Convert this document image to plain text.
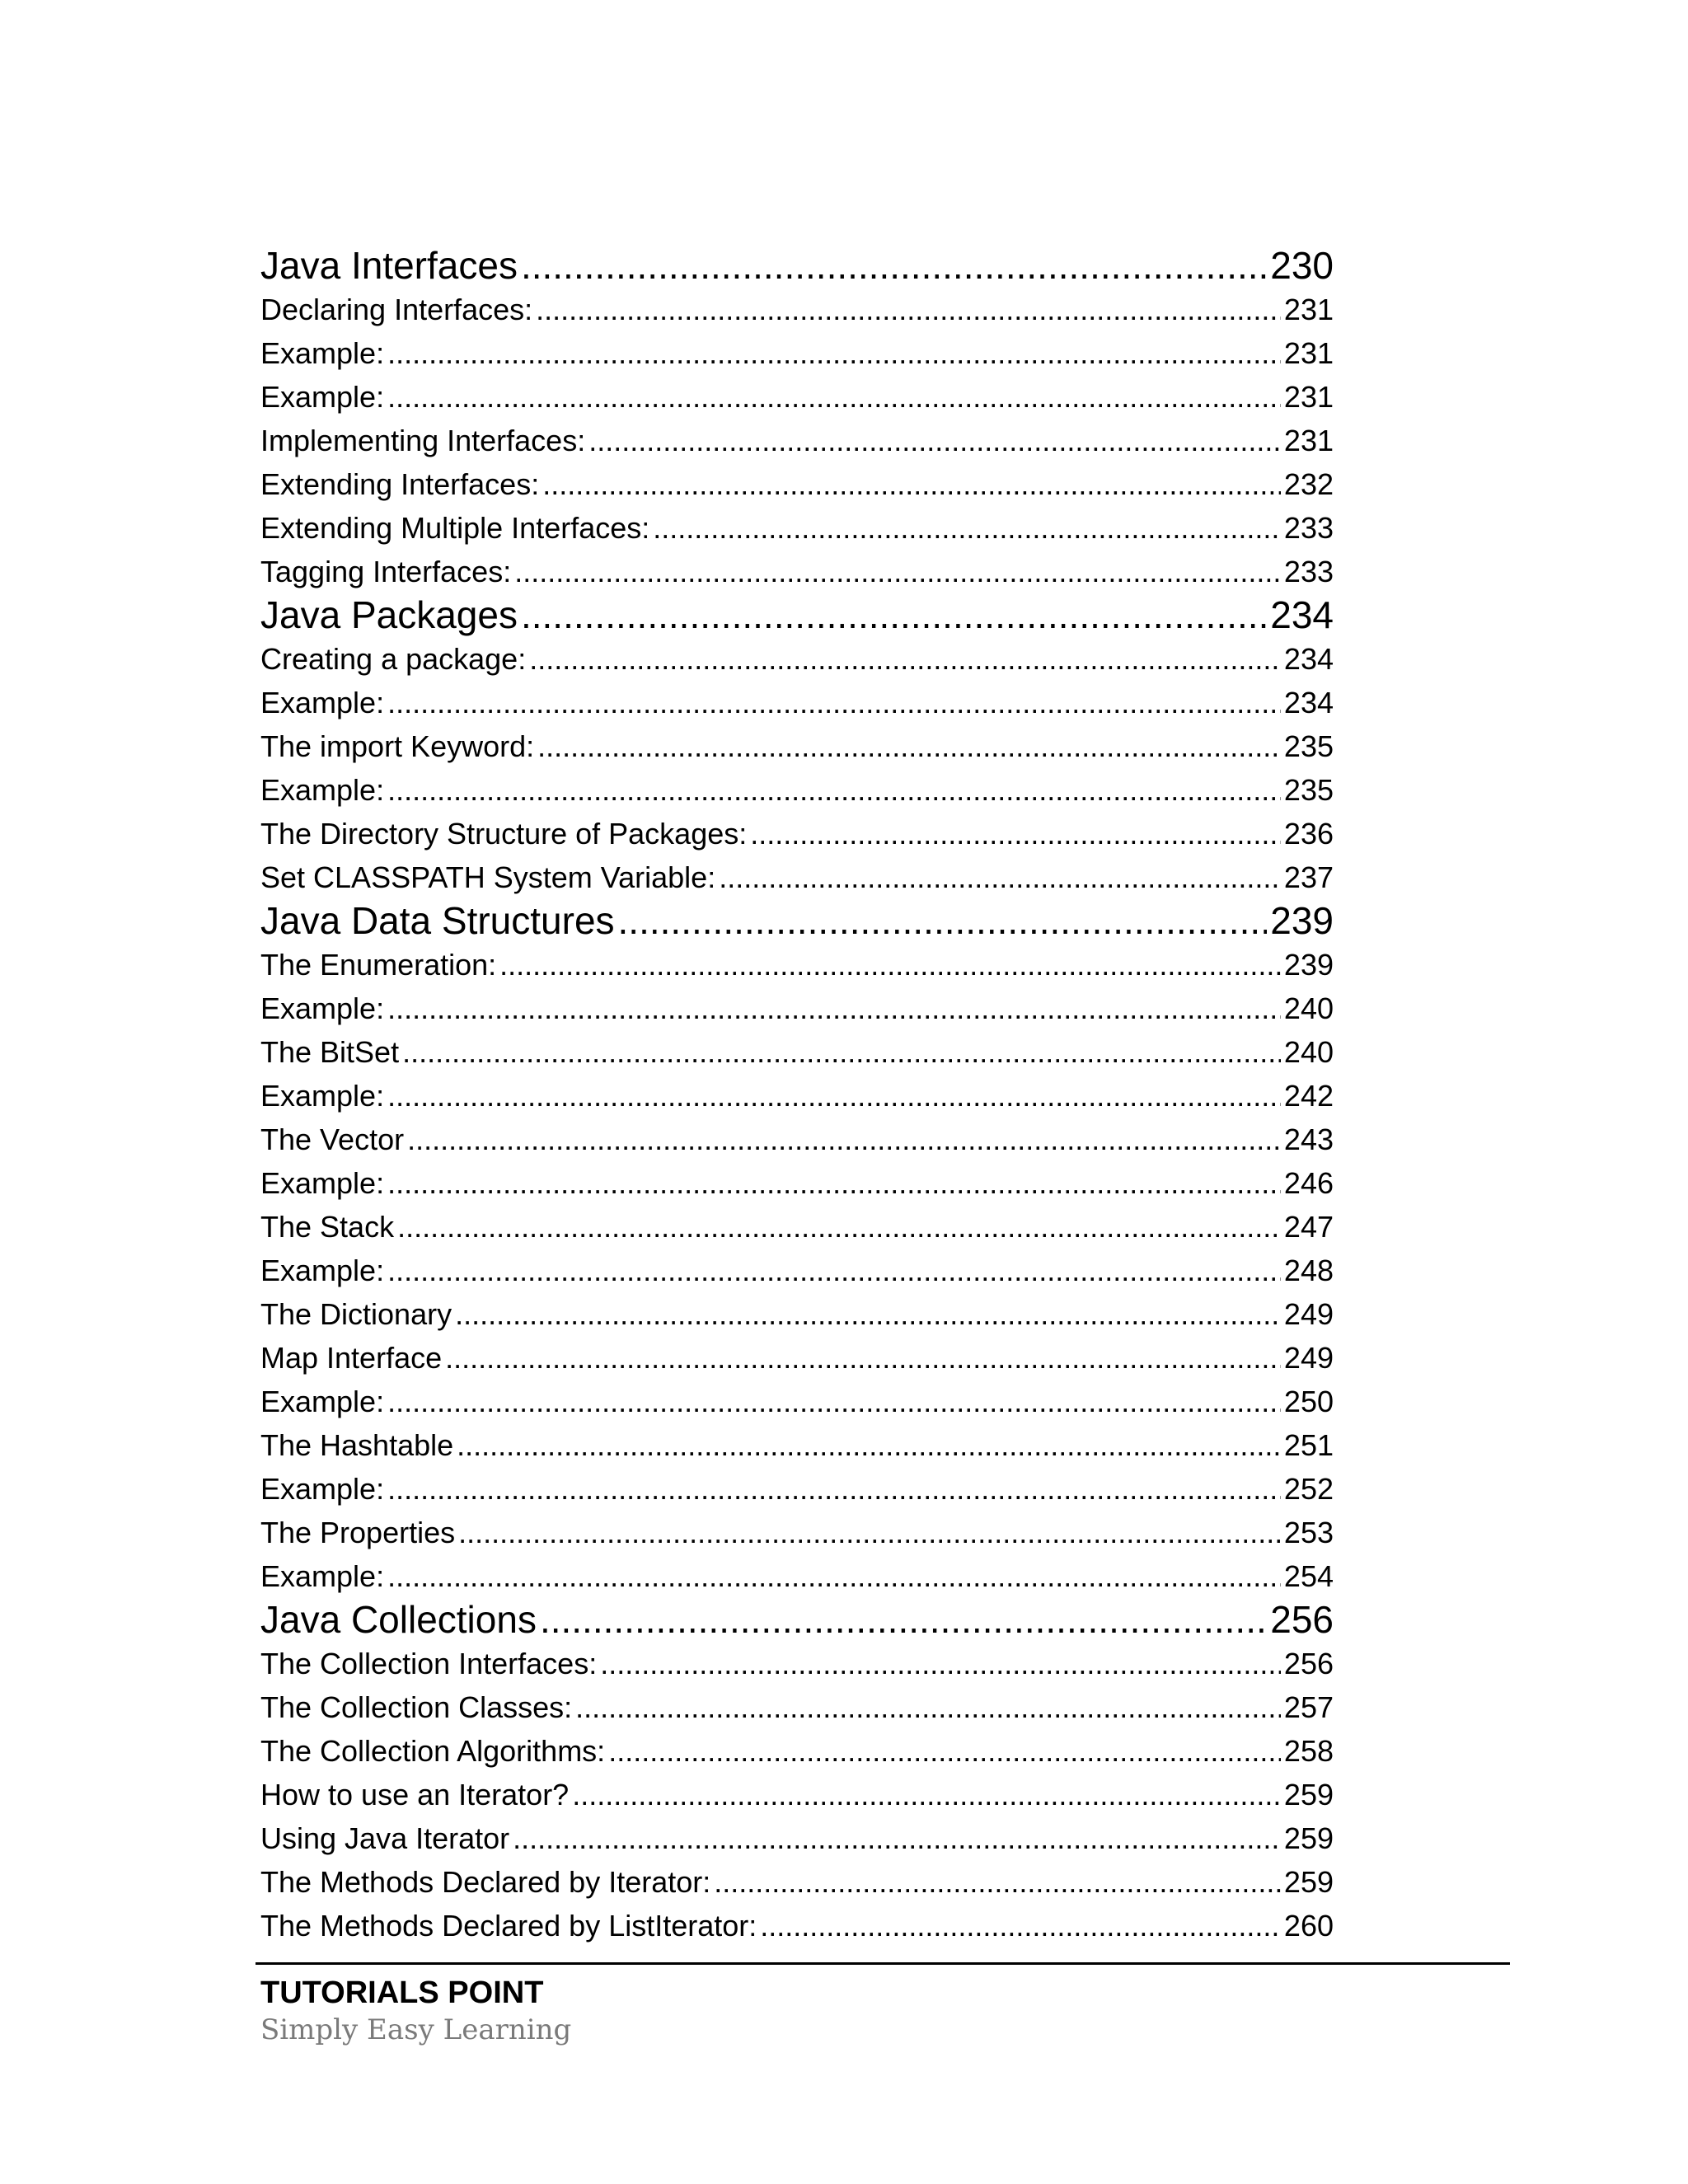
Java Interfaces .....	230
Declaring Interfaces: .....	231
Example: .....	231
Example: .....	231
Implementing Interfaces: .....	231
Extending Interfaces: .....	232
Extending Multiple Interfaces: .....	233
Tagging Interfaces: .....	233
Java Packages .....	234
Creating a package: .....	234
Example: .....	234
The import Keyword: .....	235
Example: .....	235
The Directory Structure of Packages: .....	236
Set CLASSPATH System Variable: .....	237
Java Data Structures .....	239
The Enumeration: .....	239
Example: .....	240
The BitSet .....	240
Example: .....	242
The Vector .....	243
Example: .....	246
The Stack .....	247
Example: .....	248
The Dictionary .....	249
Map Interface .....	249
Example: .....	250
The Hashtable .....	251
Example: .....	252
The Properties .....	253
Example: .....	254
Java Collections .....	256
The Collection Interfaces: .....	256
The Collection Classes: .....	257
The Collection Algorithms: .....	258
How to use an Iterator? .....	259
Using Java Iterator .....	259
The Methods Declared by Iterator: .....	259
The Methods Declared by ListIterator: .....	260
TUTORIALS POINT
Simply Easy Learning
